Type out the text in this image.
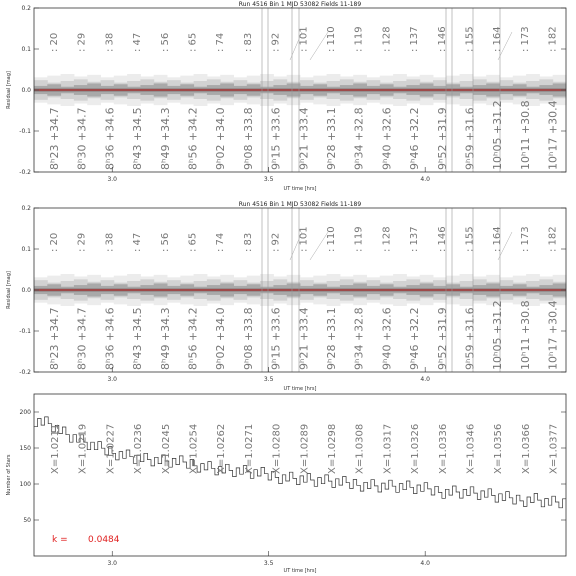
Run 4516 Bin 1 MJD 53082 Fields 11-189
: 20 : 29 : 38 : 47 : 56 : 65 : 74 : 83 : 92 : 101 : 110 : 119 : 128 : 137 : 146 : 155 : 164 : 173 : 182
8ʰ23 +34.7 8ʰ30 +34.7 8ʰ36 +34.6 8ʰ43 +34.5 8ʰ49 +34.3 8ʰ56 +34.2 9ʰ02 +34.0 9ʰ08 +33.8 9ʰ15 +33.6 9ʰ21 +33.4 9ʰ28 +33.1 9ʰ34 +32.8 9ʰ40 +32.6 9ʰ46 +32.2 9ʰ52 +31.9 9ʰ59 +31.6 10ʰ05 +31.2 10ʰ11 +30.8 10ʰ17 +30.4
0.2
0.1
0.0
-0.1
-0.2
3.0	3.5	4.0
Residual [mag]
UT time [hrs]
Run 4516 Bin 1 MJD 53082 Fields 11-189
: 20 : 29 : 38 : 47 : 56 : 65 : 74 : 83 : 92 : 101 : 110 : 119 : 128 : 137 : 146 : 155 : 164 : 173 : 182
8ʰ23 +34.7 8ʰ30 +34.7 8ʰ36 +34.6 8ʰ43 +34.5 8ʰ49 +34.3 8ʰ56 +34.2 9ʰ02 +34.0 9ʰ08 +33.8 9ʰ15 +33.6 9ʰ21 +33.4 9ʰ28 +33.1 9ʰ34 +32.8 9ʰ40 +32.6 9ʰ46 +32.2 9ʰ52 +31.9 9ʰ59 +31.6 10ʰ05 +31.2 10ʰ11 +30.8 10ʰ17 +30.4
0.2
0.1
0.0
-0.1
-0.2
3.0	3.5	4.0
Residual [mag]
UT time [hrs]
X=1.0211 X=1.0219 X=1.0227 X=1.0236 X=1.0245 X=1.0254 X=1.0262 X=1.0271 X=1.0280 X=1.0289 X=1.0298 X=1.0308 X=1.0317 X=1.0326 X=1.0336 X=1.0346 X=1.0356 X=1.0366 X=1.0377
k = 0.0484
200
150
100
50
3.0	3.5	4.0
Number of Stars
UT time [hrs]
